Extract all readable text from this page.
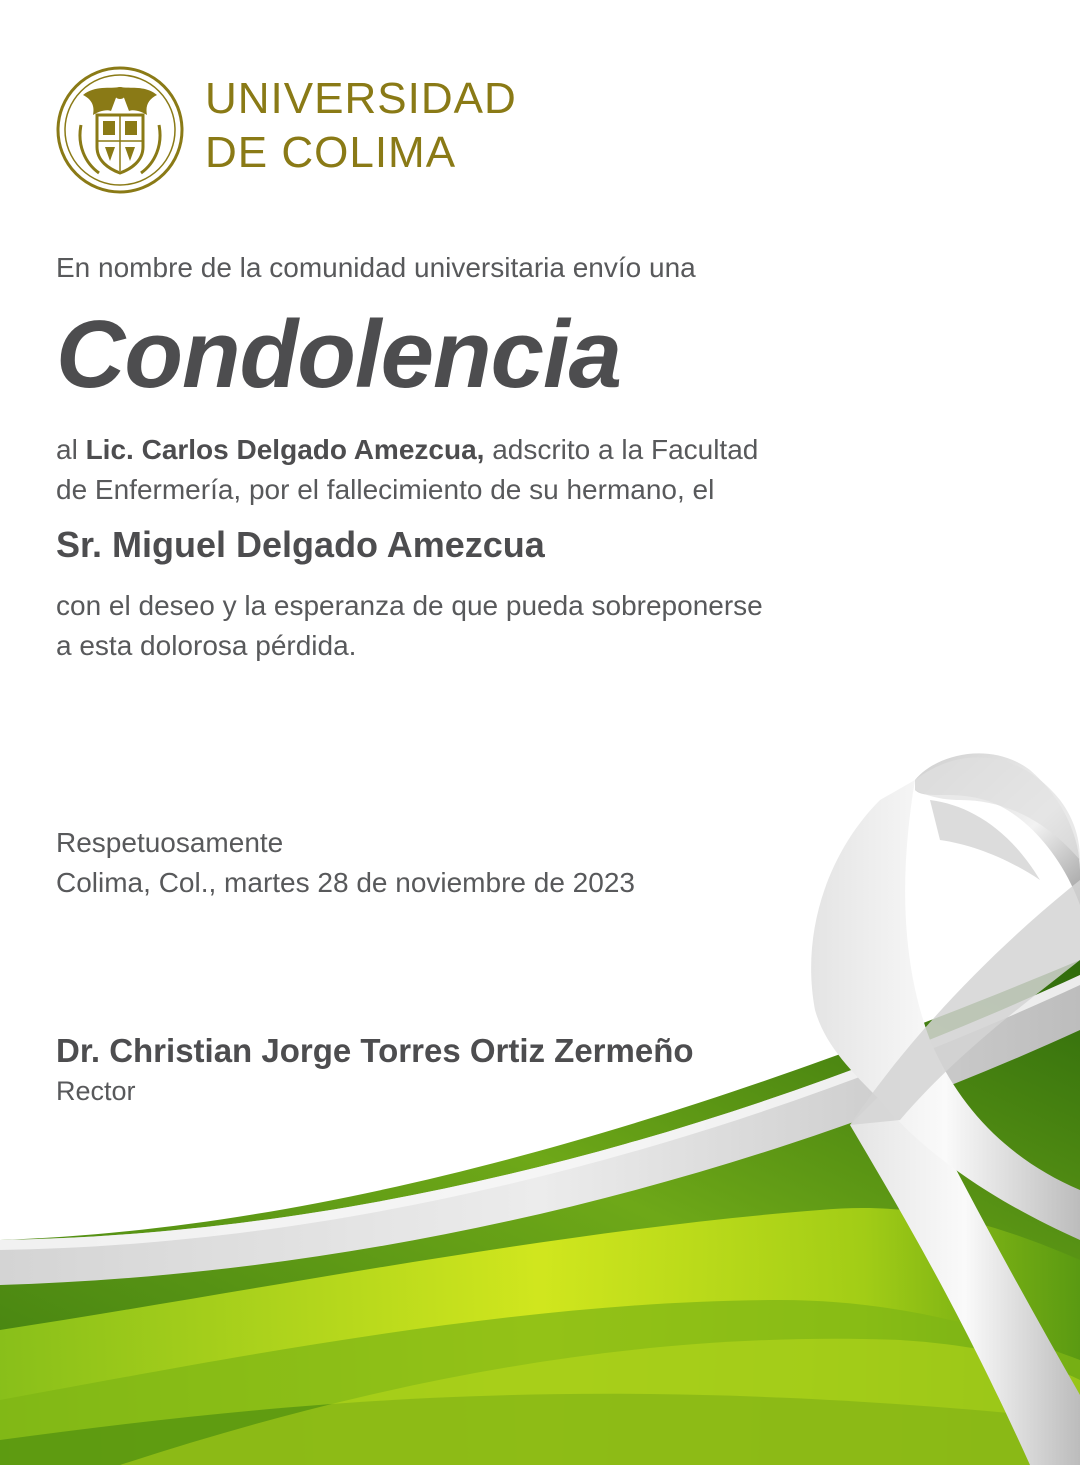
UNIVERSIDAD
DE COLIMA
En nombre de la comunidad universitaria envío una
Condolencia
al Lic. Carlos Delgado Amezcua, adscrito a la Facultad
de Enfermería, por el fallecimiento de su hermano, el
Sr. Miguel Delgado Amezcua
con el deseo y la esperanza de que pueda sobreponerse
a esta dolorosa pérdida.
Respetuosamente
Colima, Col., martes 28 de noviembre de 2023
Dr. Christian Jorge Torres Ortiz Zermeño
Rector
